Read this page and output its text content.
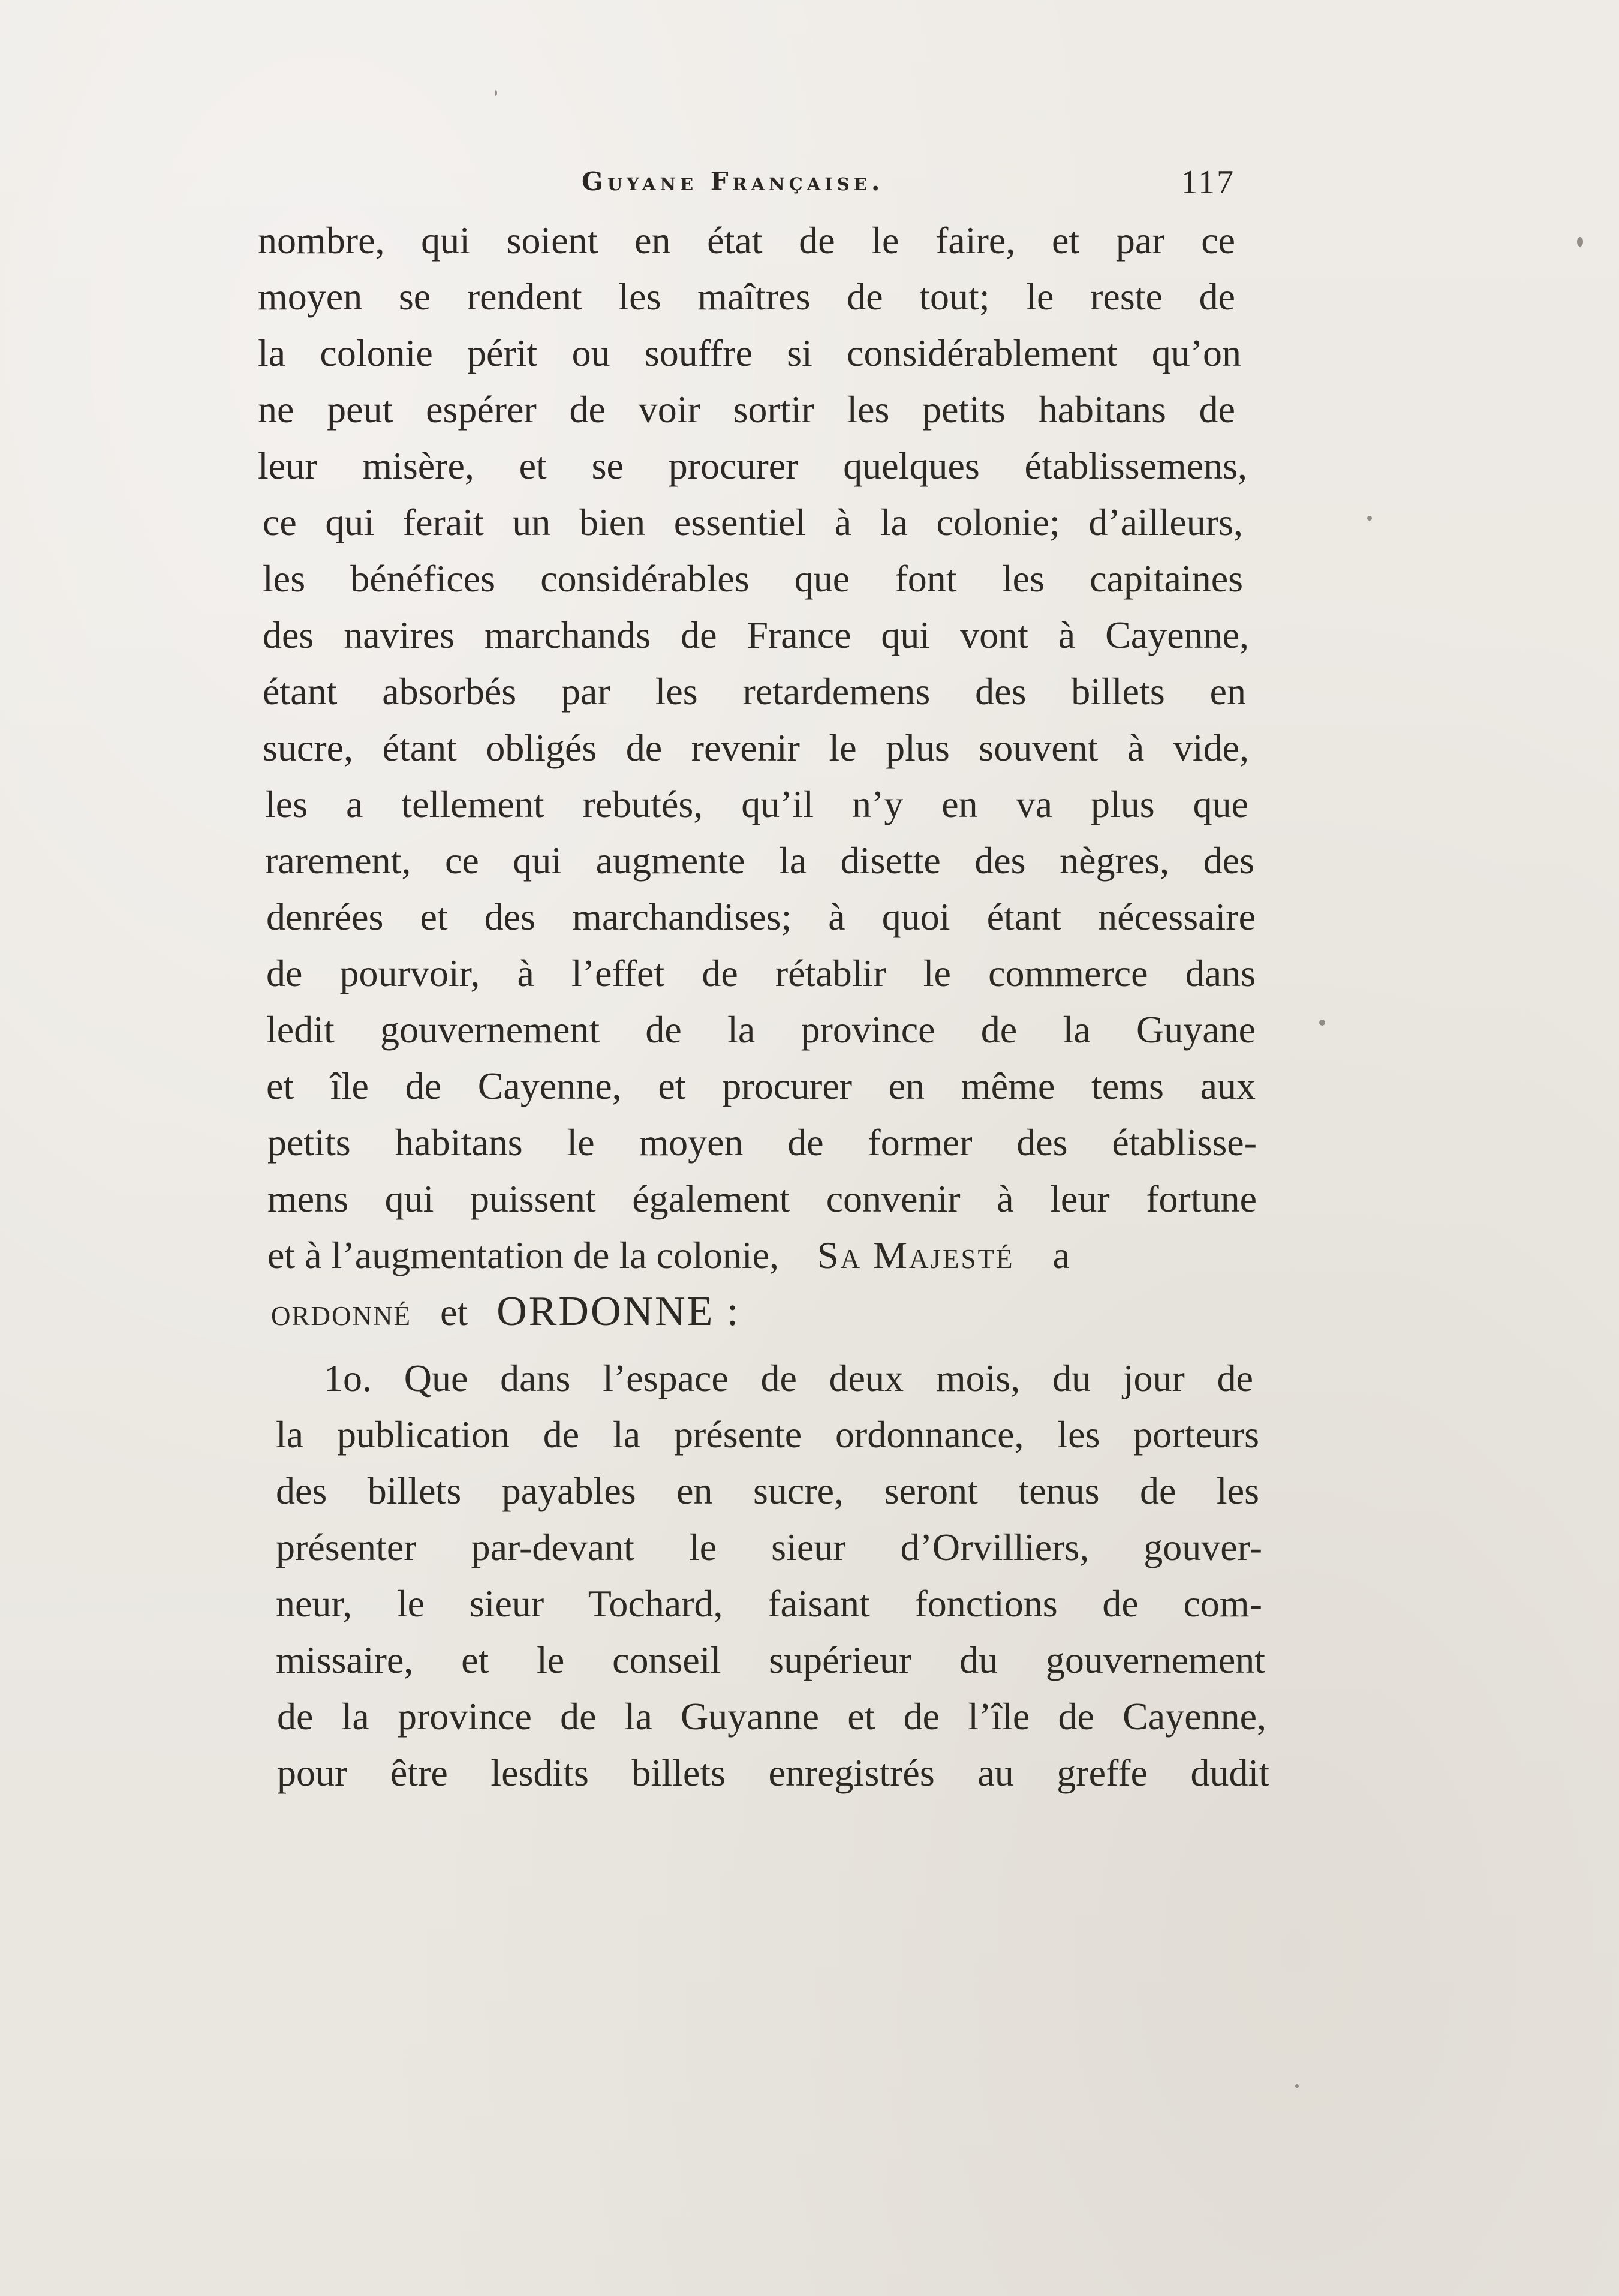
Guyane Française.	117
nombre, qui soient en état de le faire, et par ce
moyen se rendent les maîtres de tout; le reste de
la colonie périt ou souffre si considérablement qu’on
ne peut espérer de voir sortir les petits habitans de
leur misère, et se procurer quelques établissemens,
ce qui ferait un bien essentiel à la colonie; d’ailleurs,
les bénéfices considérables que font les capitaines
des navires marchands de France qui vont à Cayenne,
étant absorbés par les retardemens des billets en
sucre, étant obligés de revenir le plus souvent à vide,
les a tellement rebutés, qu’il n’y en va plus que
rarement, ce qui augmente la disette des nègres, des
denrées et des marchandises; à quoi étant nécessaire
de pourvoir, à l’effet de rétablir le commerce dans
ledit gouvernement de la province de la Guyane
et île de Cayenne, et procurer en même tems aux
petits habitans le moyen de former des établisse-
mens qui puissent également convenir à leur fortune
et à l’augmentation de la colonie, Sa Majesté a
ordonné et ORDONNE :
1o. Que dans l’espace de deux mois, du jour de
la publication de la présente ordonnance, les porteurs
des billets payables en sucre, seront tenus de les
présenter par-devant le sieur d’Orvilliers, gouver-
neur, le sieur Tochard, faisant fonctions de com-
missaire, et le conseil supérieur du gouvernement
de la province de la Guyanne et de l’île de Cayenne,
pour être lesdits billets enregistrés au greffe dudit
